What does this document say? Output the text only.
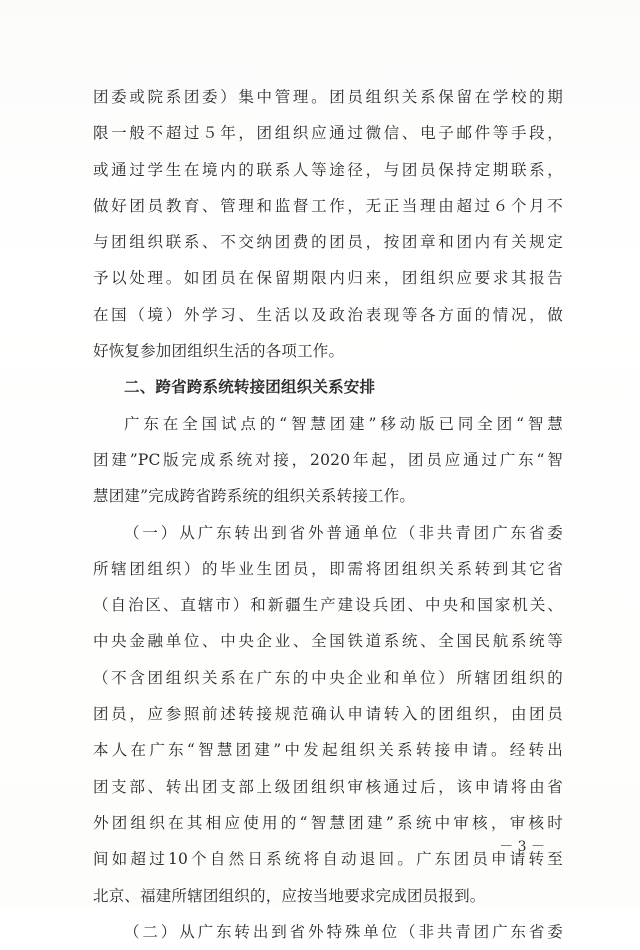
团委或院系团委）集中管理。团员组织关系保留在学校的期
限一般不超过５年，团组织应通过微信、电子邮件等手段，
或通过学生在境内的联系人等途径，与团员保持定期联系，
做好团员教育、管理和监督工作，无正当理由超过６个月不
与团组织联系、不交纳团费的团员，按团章和团内有关规定
予以处理。如团员在保留期限内归来，团组织应要求其报告
在国（境）外学习、生活以及政治表现等各方面的情况，做
好恢复参加团组织生活的各项工作。
二、跨省跨系统转接团组织关系安排
广东在全国试点的“智慧团建”移动版已同全团“智慧
团建”PC版完成系统对接，2020年起，团员应通过广东“智
慧团建”完成跨省跨系统的组织关系转接工作。
（一）从广东转出到省外普通单位（非共青团广东省委
所辖团组织）的毕业生团员，即需将团组织关系转到其它省
（自治区、直辖市）和新疆生产建设兵团、中央和国家机关、
中央金融单位、中央企业、全国铁道系统、全国民航系统等
（不含团组织关系在广东的中央企业和单位）所辖团组织的
团员，应参照前述转接规范确认申请转入的团组织，由团员
本人在广东“智慧团建”中发起组织关系转接申请。经转出
团支部、转出团支部上级团组织审核通过后，该申请将由省
外团组织在其相应使用的“智慧团建”系统中审核，审核时
间如超过10个自然日系统将自动退回。广东团员申请转至
北京、福建所辖团组织的，应按当地要求完成团员报到。
（二）从广东转出到省外特殊单位（非共青团广东省委
－ 3 －
